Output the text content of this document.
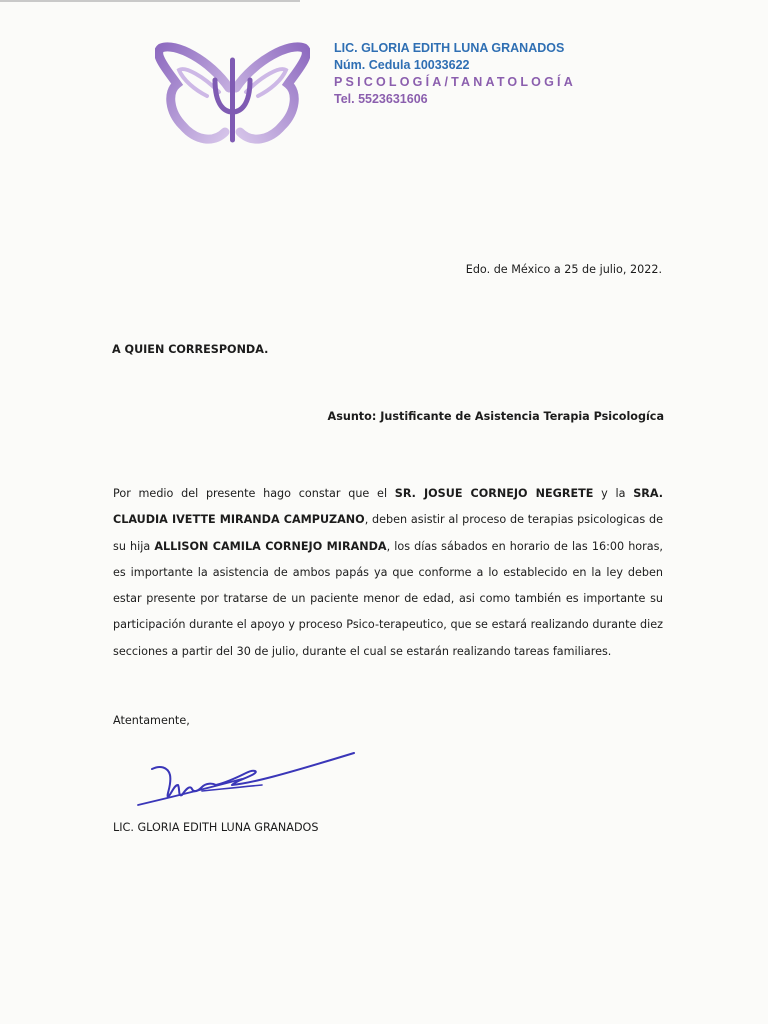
LIC. GLORIA EDITH LUNA GRANADOS
Núm. Cedula 10033622
PSICOLOGÍA/TANATOLOGÍA
Tel. 5523631606
Edo. de México a 25 de julio, 2022.
A QUIEN CORRESPONDA.
Asunto: Justificante de Asistencia Terapia Psicologíca
Por medio del presente hago constar que el SR. JOSUE CORNEJO NEGRETE y la SRA. CLAUDIA IVETTE MIRANDA CAMPUZANO, deben asistir al proceso de terapias psicologicas de su hija ALLISON CAMILA CORNEJO MIRANDA, los días sábados en horario de las 16:00 horas, es importante la asistencia de ambos papás ya que conforme a lo establecido en la ley deben estar presente por tratarse de un paciente menor de edad, asi como también es importante su participación durante el apoyo y proceso Psico-terapeutico, que se estará realizando durante diez secciones a partir del 30 de julio, durante el cual se estarán realizando tareas familiares.
Atentamente,
LIC. GLORIA EDITH LUNA GRANADOS
